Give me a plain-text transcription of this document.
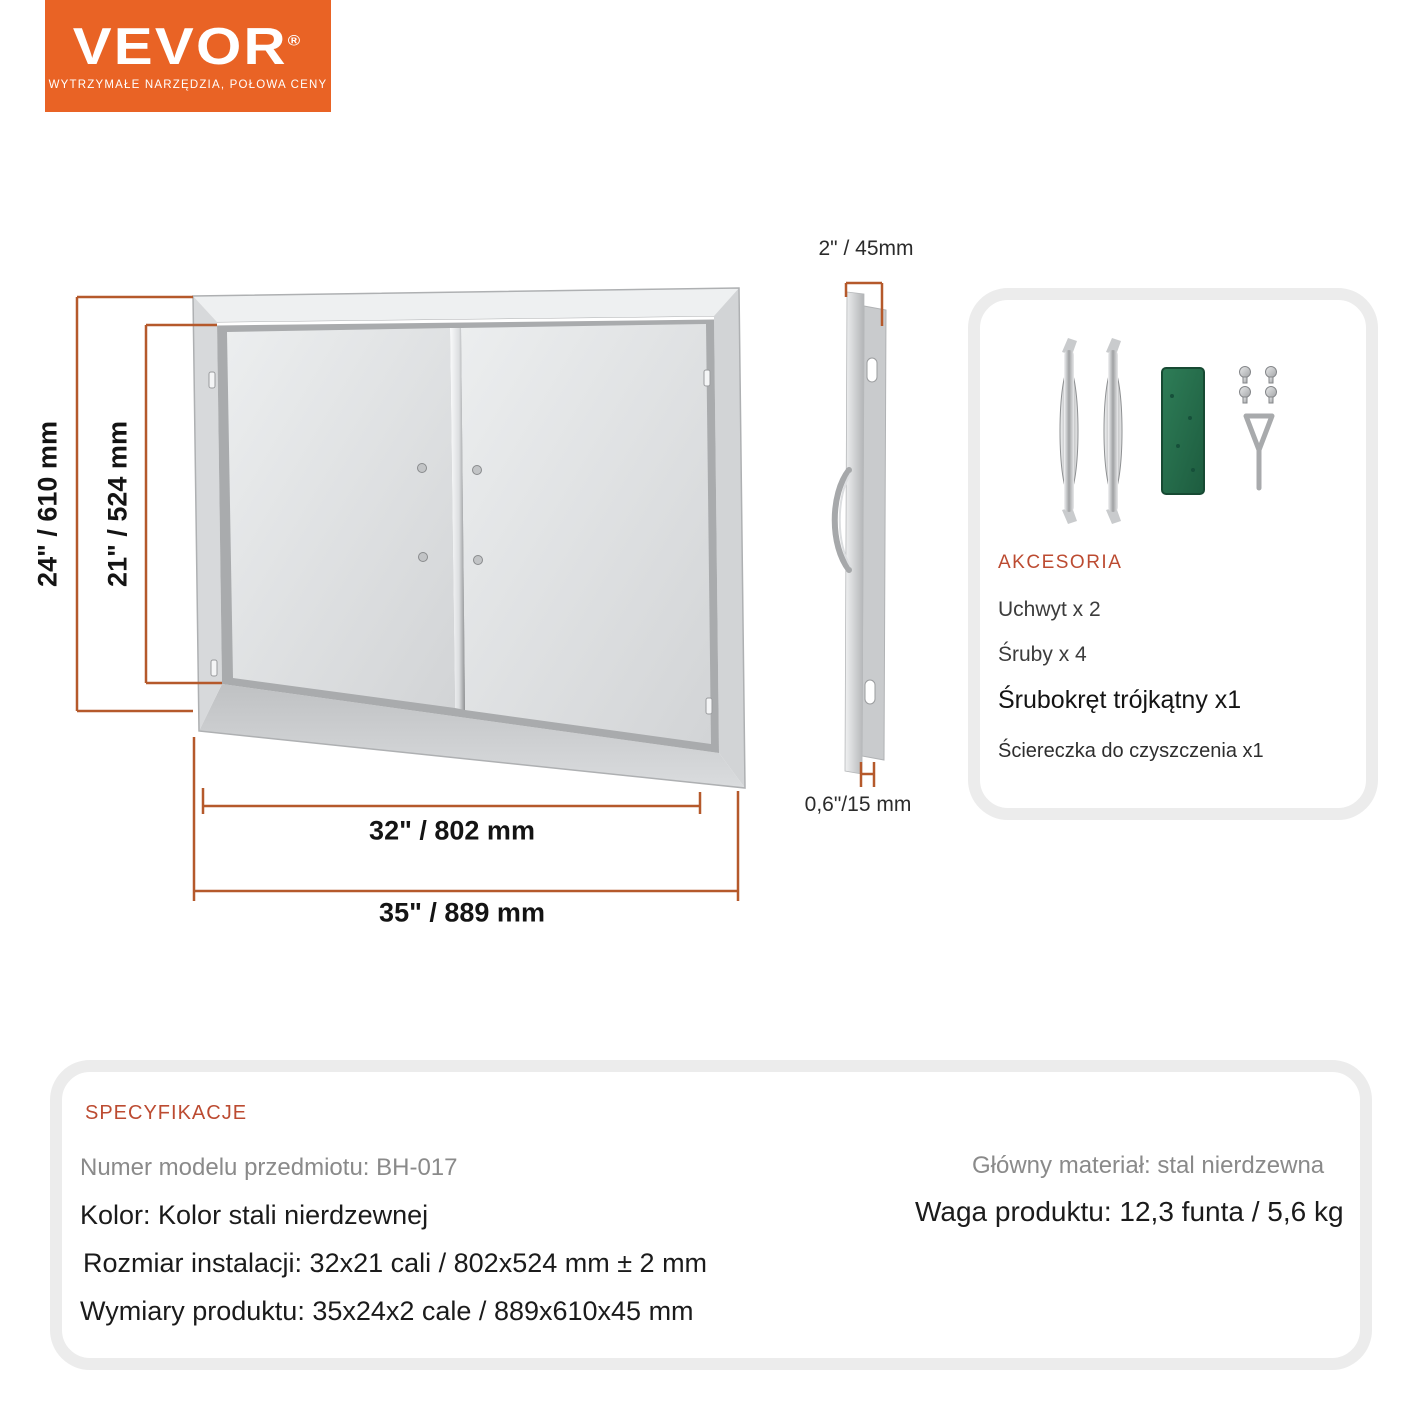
VEVOR®
WYTRZYMAŁE NARZĘDZIA, POŁOWA CENY
24" / 610 mm 21" / 524 mm
32" / 802 mm
35" / 889 mm
2" / 45mm
0,6"/15 mm
AKCESORIA
Uchwyt x 2
Śruby x 4
Śrubokręt trójkątny x1
Ściereczka do czyszczenia x1
SPECYFIKACJE
Numer modelu przedmiotu: BH-017
Kolor: Kolor stali nierdzewnej
Rozmiar instalacji: 32x21 cali / 802x524 mm ± 2 mm
Wymiary produktu: 35x24x2 cale / 889x610x45 mm
Główny materiał: stal nierdzewna
Waga produktu: 12,3 funta / 5,6 kg
